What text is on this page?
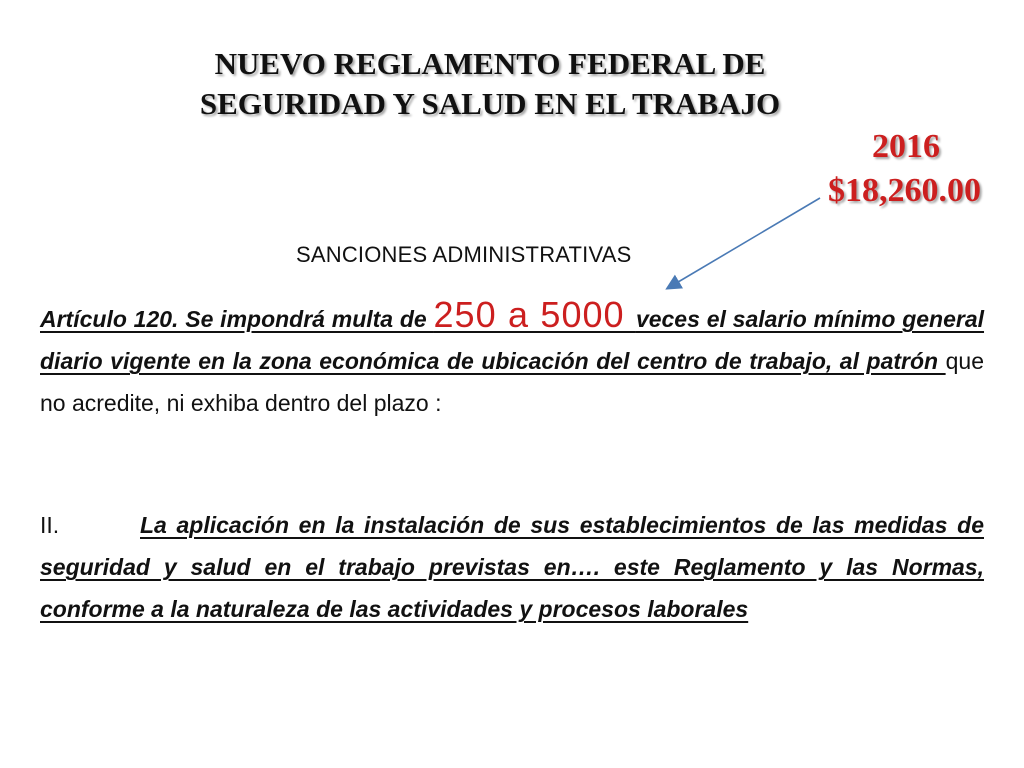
NUEVO REGLAMENTO FEDERAL DE
SEGURIDAD Y SALUD EN EL TRABAJO
2016
$18,260.00
SANCIONES ADMINISTRATIVAS
Artículo 120. Se impondrá multa de 250 a 5000 veces el salario mínimo general diario vigente en la zona económica de ubicación del centro de trabajo, al patrón que no acredite, ni exhiba dentro del plazo :
II.	La aplicación en la instalación de sus establecimientos de las medidas de seguridad y salud en el trabajo previstas en…. este Reglamento y las Normas, conforme a la naturaleza de las actividades y procesos laborales
